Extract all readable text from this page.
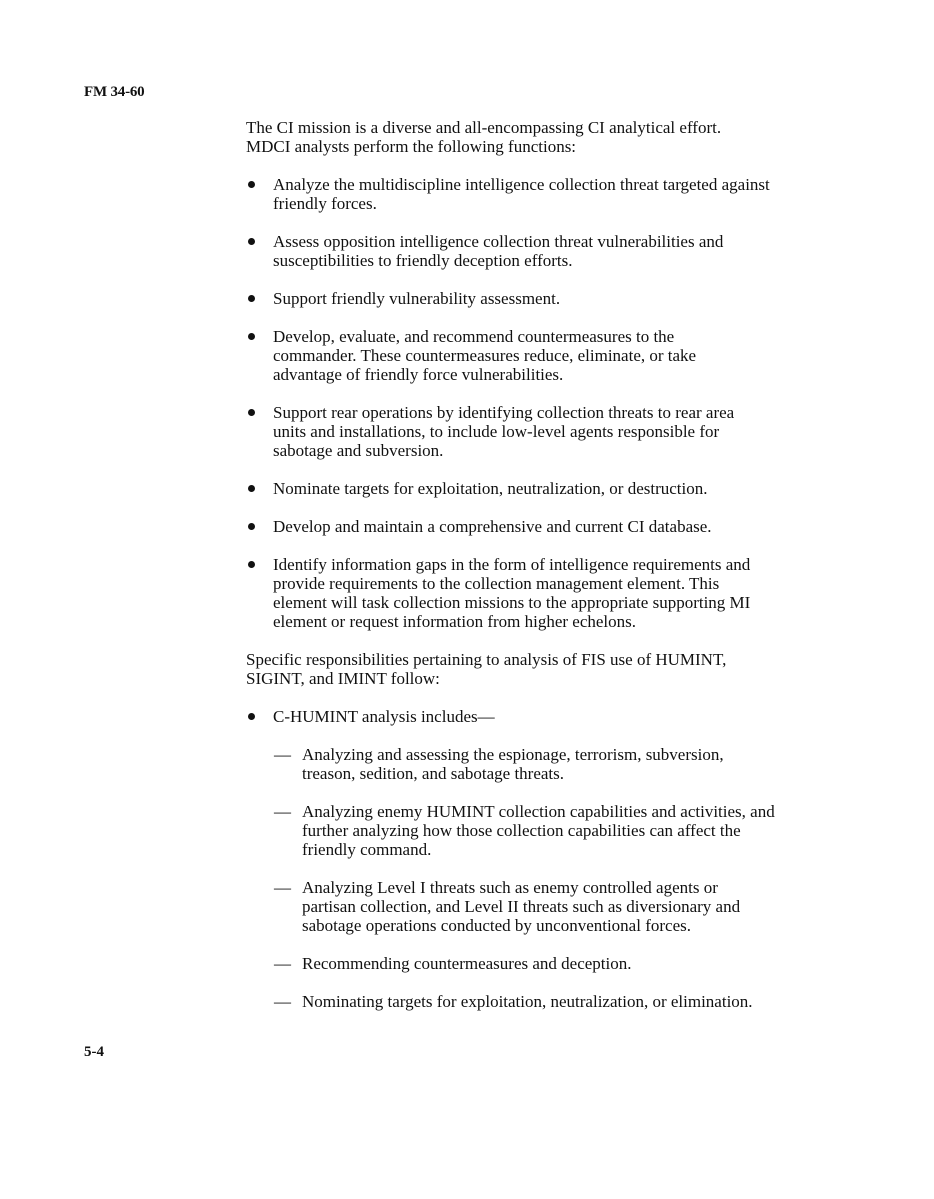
FM 34-60

The CI mission is a diverse and all-encompassing CI analytical effort.
MDCI analysts perform the following functions:

Analyze the multidiscipline intelligence collection threat targeted against
friendly forces.
Assess opposition intelligence collection threat vulnerabilities and
susceptibilities to friendly deception efforts.
Support friendly vulnerability assessment.
Develop, evaluate, and recommend countermeasures to the
commander. These countermeasures reduce, eliminate, or take
advantage of friendly force vulnerabilities.
Support rear operations by identifying collection threats to rear area
units and installations, to include low-level agents responsible for
sabotage and subversion.
Nominate targets for exploitation, neutralization, or destruction.
Develop and maintain a comprehensive and current CI database.
Identify information gaps in the form of intelligence requirements and
provide requirements to the collection management element. This
element will task collection missions to the appropriate supporting MI
element or request information from higher echelons.

Specific responsibilities pertaining to analysis of FIS use of HUMINT,
SIGINT, and IMINT follow:

C-HUMINT analysis includes—
— Analyzing and assessing the espionage, terrorism, subversion,
treason, sedition, and sabotage threats.
— Analyzing enemy HUMINT collection capabilities and activities, and
further analyzing how those collection capabilities can affect the
friendly command.
— Analyzing Level I threats such as enemy controlled agents or
partisan collection, and Level II threats such as diversionary and
sabotage operations conducted by unconventional forces.
— Recommending countermeasures and deception.
— Nominating targets for exploitation, neutralization, or elimination.
5-4
